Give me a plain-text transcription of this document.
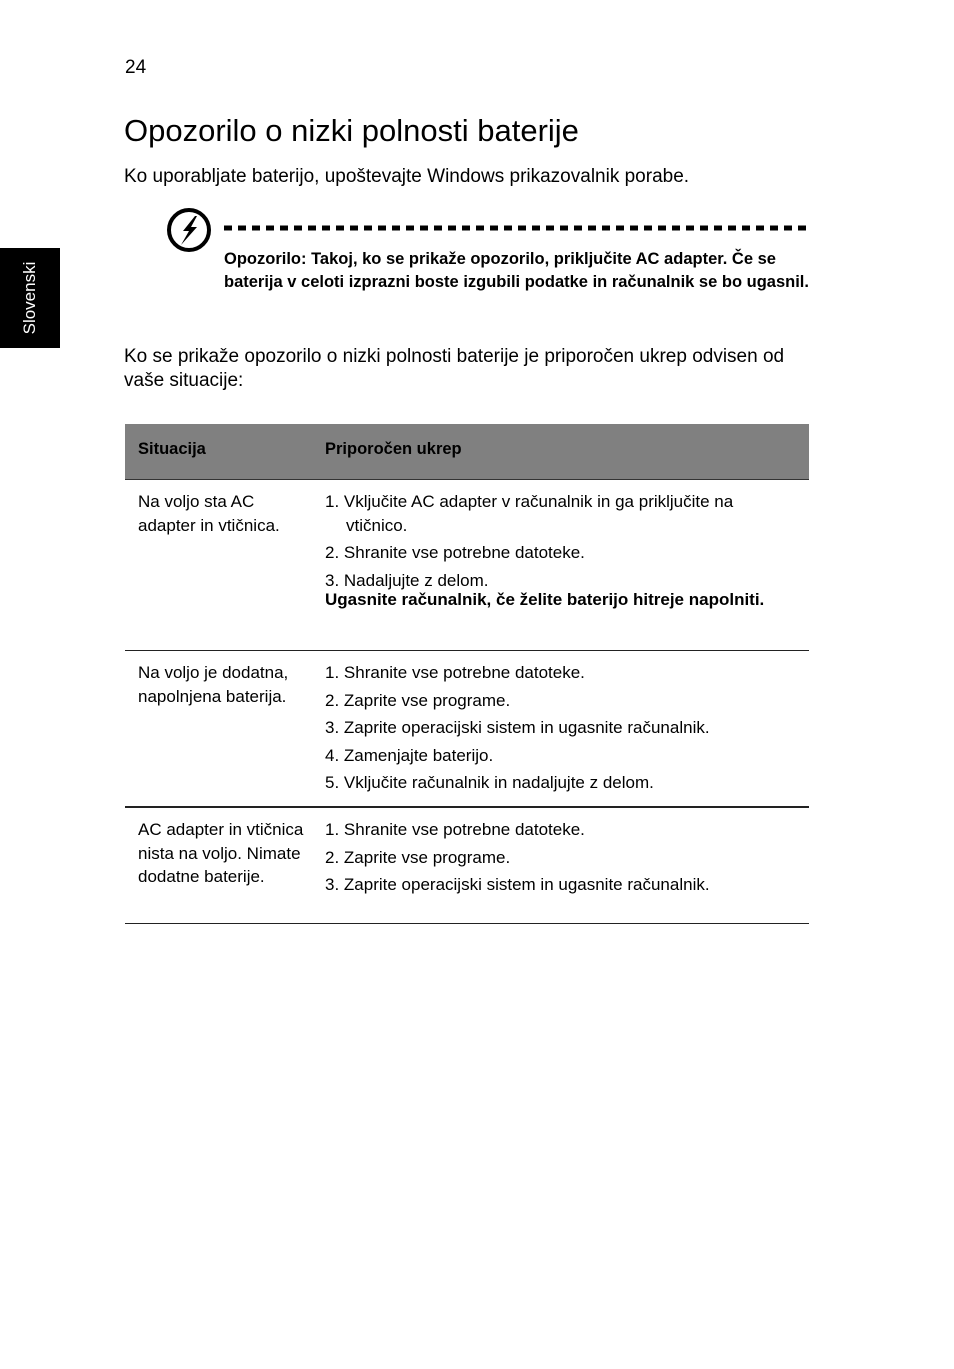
24
Slovenski
Opozorilo o nizki polnosti baterije

Ko uporabljate baterijo, upoštevajte Windows prikazovalnik porabe.

Opozorilo: Takoj, ko se prikaže opozorilo, priključite AC adapter. Če se baterija v celoti izprazni boste izgubili podatke in računalnik se bo ugasnil.

Ko se prikaže opozorilo o nizki polnosti baterije je priporočen ukrep odvisen od vaše situacije:

Situacija	Priporočen ukrep
Na voljo sta AC adapter in vtičnica.
1. Vključite AC adapter v računalnik in ga priključite na vtičnico.
2. Shranite vse potrebne datoteke.
3. Nadaljujte z delom.
Ugasnite računalnik, če želite baterijo hitreje napolniti.
Na voljo je dodatna, napolnjena baterija.
1. Shranite vse potrebne datoteke.
2. Zaprite vse programe.
3. Zaprite operacijski sistem in ugasnite računalnik.
4. Zamenjajte baterijo.
5. Vključite računalnik in nadaljujte z delom.
AC adapter in vtičnica nista na voljo. Nimate dodatne baterije.
1. Shranite vse potrebne datoteke.
2. Zaprite vse programe.
3. Zaprite operacijski sistem in ugasnite računalnik.
